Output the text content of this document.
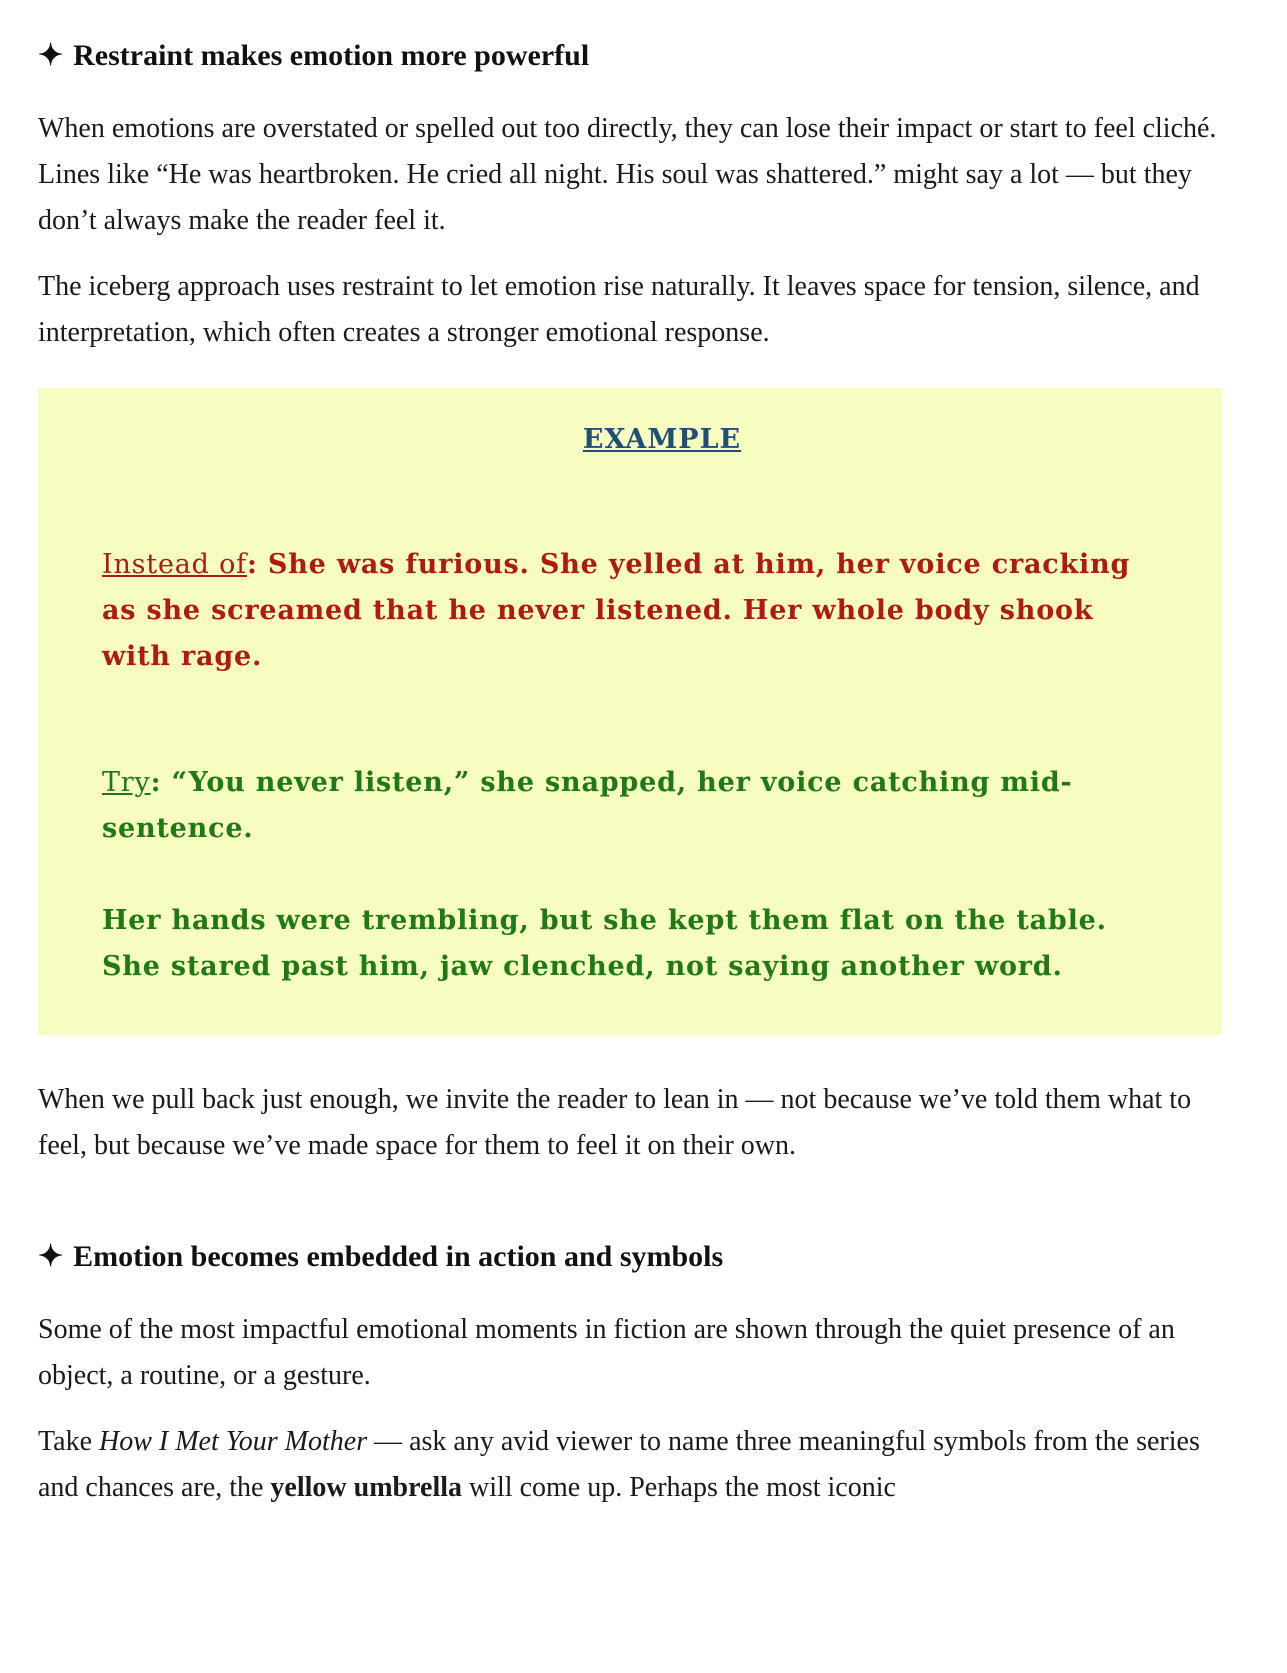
✦ Restraint makes emotion more powerful

When emotions are overstated or spelled out too directly, they can lose their impact or start to feel cliché. Lines like “He was heartbroken. He cried all night. His soul was shattered.” might say a lot — but they don’t always make the reader feel it.

The iceberg approach uses restraint to let emotion rise naturally. It leaves space for tension, silence, and interpretation, which often creates a stronger emotional response.

EXAMPLE

Instead of: She was furious. She yelled at him, her voice cracking as she screamed that he never listened. Her whole body shook with rage.

Try: “You never listen,” she snapped, her voice catching mid-sentence.

Her hands were trembling, but she kept them flat on the table. She stared past him, jaw clenched, not saying another word.

When we pull back just enough, we invite the reader to lean in — not because we’ve told them what to feel, but because we’ve made space for them to feel it on their own.

✦ Emotion becomes embedded in action and symbols

Some of the most impactful emotional moments in fiction are shown through the quiet presence of an object, a routine, or a gesture.

Take How I Met Your Mother — ask any avid viewer to name three meaningful symbols from the series and chances are, the yellow umbrella will come up. Perhaps the most iconic
